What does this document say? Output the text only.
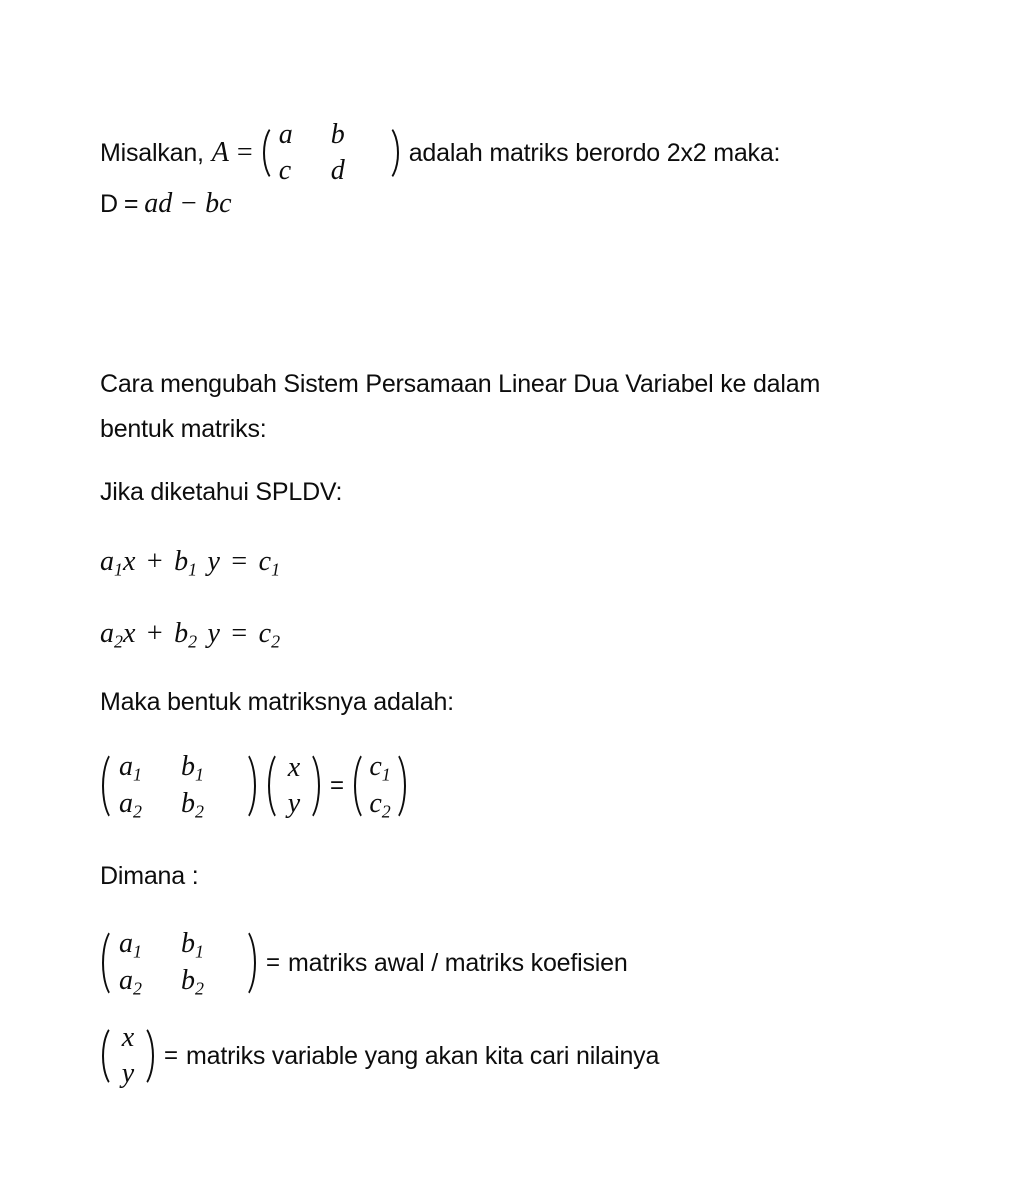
Misalkan, A =
a	b
c	d
adalah matriks berordo 2x2 maka:
D = ad − bc
Cara mengubah Sistem Persamaan Linear Dua Variabel ke dalam
bentuk matriks:
Jika diketahui SPLDV:
$a_1x + b_1$ $y = c_1$
$a_2x + b_2$ $y = c_2$
Maka bentuk matriksnya adalah:
$a_1$	$b_1$
$a_2$	$b_2$
x
y
=
$c_1$
$c_2$
Dimana :
$a_1$	$b_1$
$a_2$	$b_2$
= matriks awal / matriks koefisien
x
y
= matriks variable yang akan kita cari nilainya
